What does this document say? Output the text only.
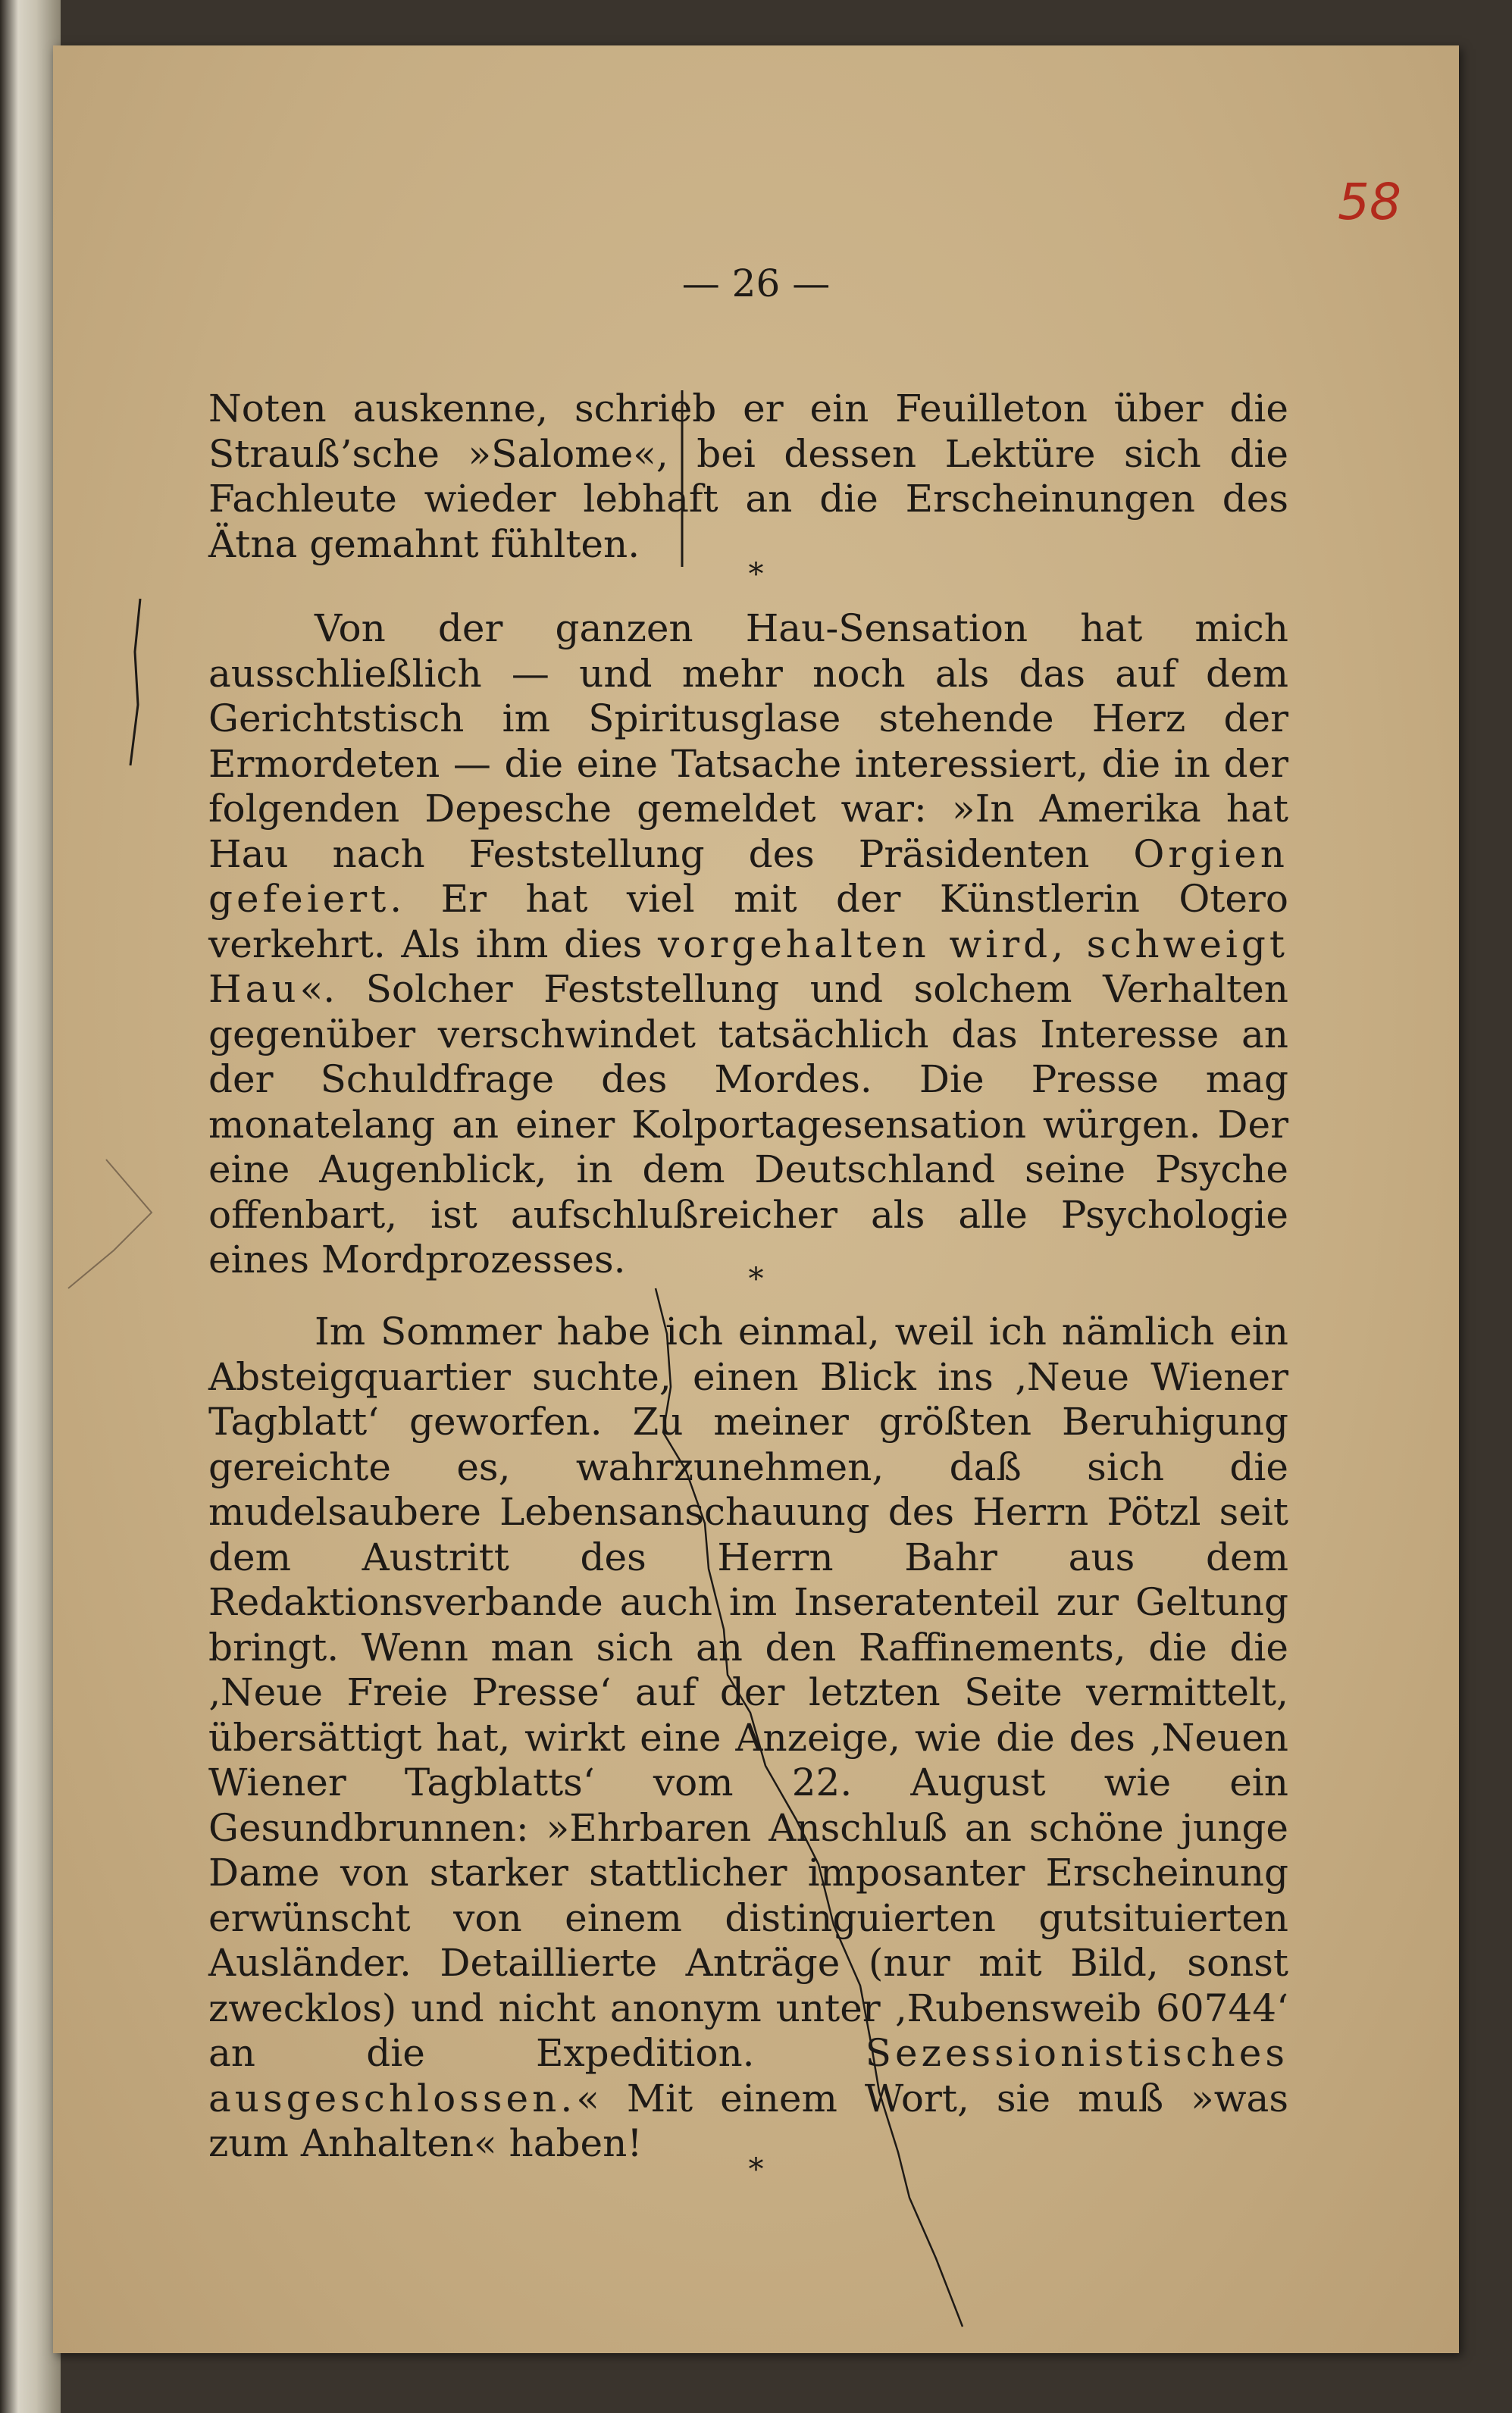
58
— 26 —

Noten auskenne, schrieb er ein Feuilleton über die Strauß’sche »Salome«, bei dessen Lektüre sich die Fachleute wieder lebhaft an die Erscheinungen des Ätna gemahnt fühlten.

*

Von der ganzen Hau-Sensation hat mich ausschließlich — und mehr noch als das auf dem Gerichtstisch im Spiritusglase stehende Herz der Ermordeten — die eine Tatsache interessiert, die in der folgenden Depesche gemeldet war: »In Amerika hat Hau nach Feststellung des Präsidenten Orgien gefeiert. Er hat viel mit der Künstlerin Otero verkehrt. Als ihm dies vorgehalten wird, schweigt Hau«. Solcher Feststellung und solchem Verhalten gegenüber verschwindet tatsächlich das Interesse an der Schuldfrage des Mordes. Die Presse mag monatelang an einer Kolportagesensation würgen. Der eine Augenblick, in dem Deutschland seine Psyche offenbart, ist aufschlußreicher als alle Psychologie eines Mordprozesses.	*

Im Sommer habe ich einmal, weil ich nämlich ein Absteigquartier suchte, einen Blick ins ‚Neue Wiener Tagblatt‘ geworfen. Zu meiner größten Beruhigung gereichte es, wahrzunehmen, daß sich die mudelsaubere Lebensanschauung des Herrn Pötzl seit dem Austritt des Herrn Bahr aus dem Redaktionsverbande auch im Inseratenteil zur Geltung bringt. Wenn man sich an den Raffinements, die die ‚Neue Freie Presse‘ auf der letzten Seite vermittelt, übersättigt hat, wirkt eine Anzeige, wie die des ‚Neuen Wiener Tagblatts‘ vom 22. August wie ein Gesundbrunnen: »Ehrbaren Anschluß an schöne junge Dame von starker stattlicher imposanter Erscheinung erwünscht von einem distinguierten gutsituierten Ausländer. Detaillierte Anträge (nur mit Bild, sonst zwecklos) und nicht anonym unter ‚Rubensweib 60744‘ an die Expedition. Sezessionistisches ausgeschlossen.« Mit einem Wort, sie muß »was zum Anhalten« haben!

*
